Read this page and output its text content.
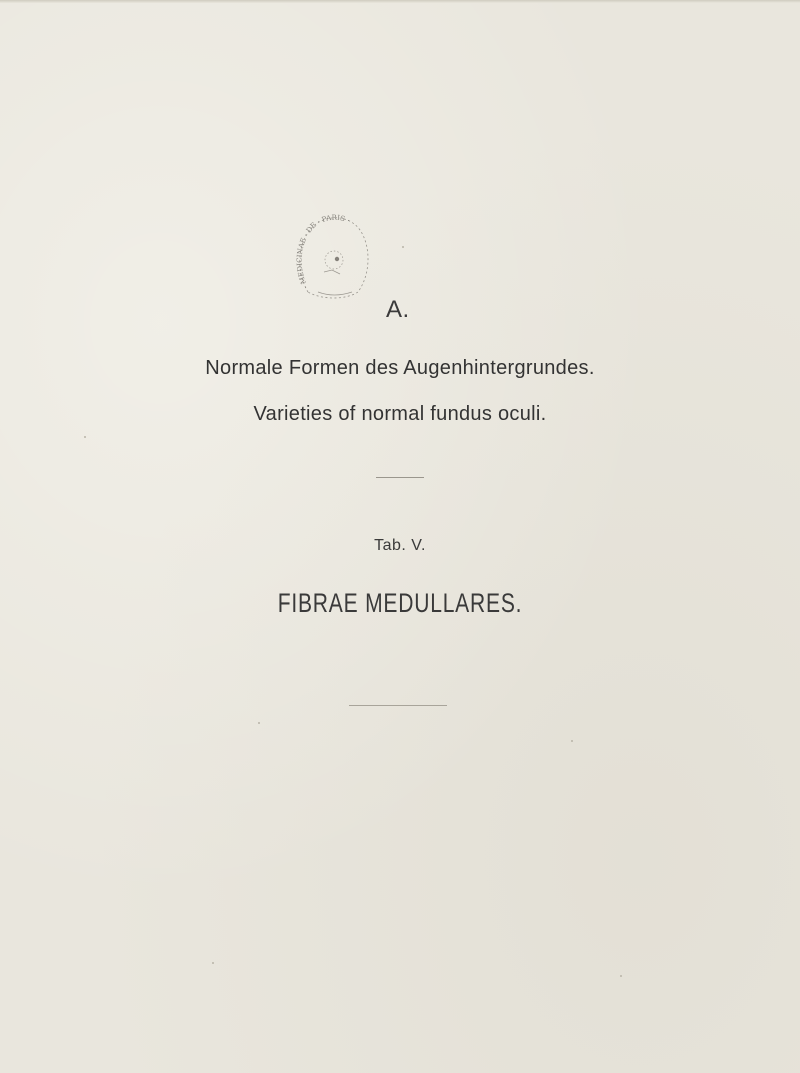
· MEDICINAE · DE · PARIS ·
A.
Normale Formen des Augenhintergrundes.
Varieties of normal fundus oculi.
Tab. V.
FIBRAE MEDULLARES.
